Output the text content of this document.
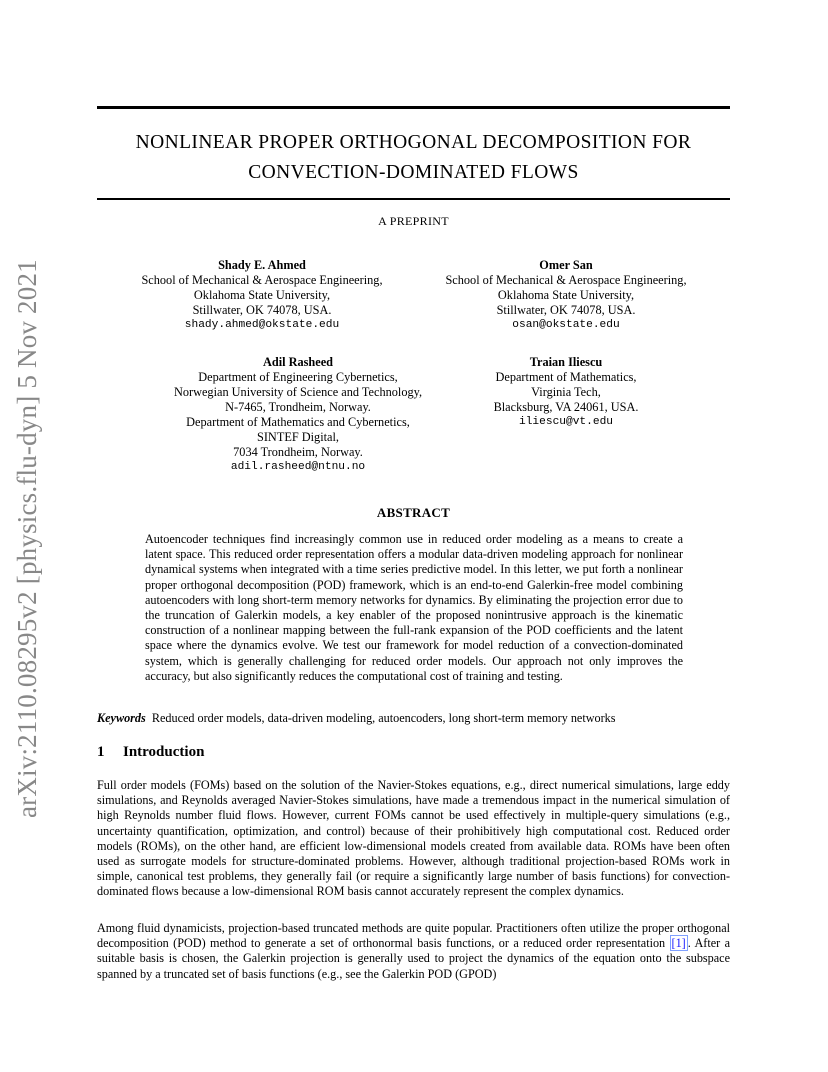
arXiv:2110.08295v2 [physics.flu-dyn] 5 Nov 2021
NONLINEAR PROPER ORTHOGONAL DECOMPOSITION FOR
CONVECTION-DOMINATED FLOWS
A PREPRINT
Shady E. Ahmed
School of Mechanical & Aerospace Engineering,
Oklahoma State University,
Stillwater, OK 74078, USA.
shady.ahmed@okstate.edu
Omer San
School of Mechanical & Aerospace Engineering,
Oklahoma State University,
Stillwater, OK 74078, USA.
osan@okstate.edu
Adil Rasheed
Department of Engineering Cybernetics,
Norwegian University of Science and Technology,
N-7465, Trondheim, Norway.
Department of Mathematics and Cybernetics,
SINTEF Digital,
7034 Trondheim, Norway.
adil.rasheed@ntnu.no
Traian Iliescu
Department of Mathematics,
Virginia Tech,
Blacksburg, VA 24061, USA.
iliescu@vt.edu
ABSTRACT
Autoencoder techniques find increasingly common use in reduced order modeling as a means to create a latent space. This reduced order representation offers a modular data-driven modeling approach for nonlinear dynamical systems when integrated with a time series predictive model. In this letter, we put forth a nonlinear proper orthogonal decomposition (POD) framework, which is an end-to-end Galerkin-free model combining autoencoders with long short-term memory networks for dynamics. By eliminating the projection error due to the truncation of Galerkin models, a key enabler of the proposed nonintrusive approach is the kinematic construction of a nonlinear mapping between the full-rank expansion of the POD coefficients and the latent space where the dynamics evolve. We test our framework for model reduction of a convection-dominated system, which is generally challenging for reduced order models. Our approach not only improves the accuracy, but also significantly reduces the computational cost of training and testing.
Keywords Reduced order models, data-driven modeling, autoencoders, long short-term memory networks
1 Introduction
Full order models (FOMs) based on the solution of the Navier-Stokes equations, e.g., direct numerical simulations, large eddy simulations, and Reynolds averaged Navier-Stokes simulations, have made a tremendous impact in the numerical simulation of high Reynolds number fluid flows. However, current FOMs cannot be used effectively in multiple-query simulations (e.g., uncertainty quantification, optimization, and control) because of their prohibitively high computational cost. Reduced order models (ROMs), on the other hand, are efficient low-dimensional models created from available data. ROMs have been often used as surrogate models for structure-dominated problems. However, although traditional projection-based ROMs work in simple, canonical test problems, they generally fail (or require a significantly large number of basis functions) for convection-dominated flows because a low-dimensional ROM basis cannot accurately represent the complex dynamics.
Among fluid dynamicists, projection-based truncated methods are quite popular. Practitioners often utilize the proper orthogonal decomposition (POD) method to generate a set of orthonormal basis functions, or a reduced order representation [1] . After a suitable basis is chosen, the Galerkin projection is generally used to project the dynamics of the equation onto the subspace spanned by a truncated set of basis functions (e.g., see the Galerkin POD (GPOD)
